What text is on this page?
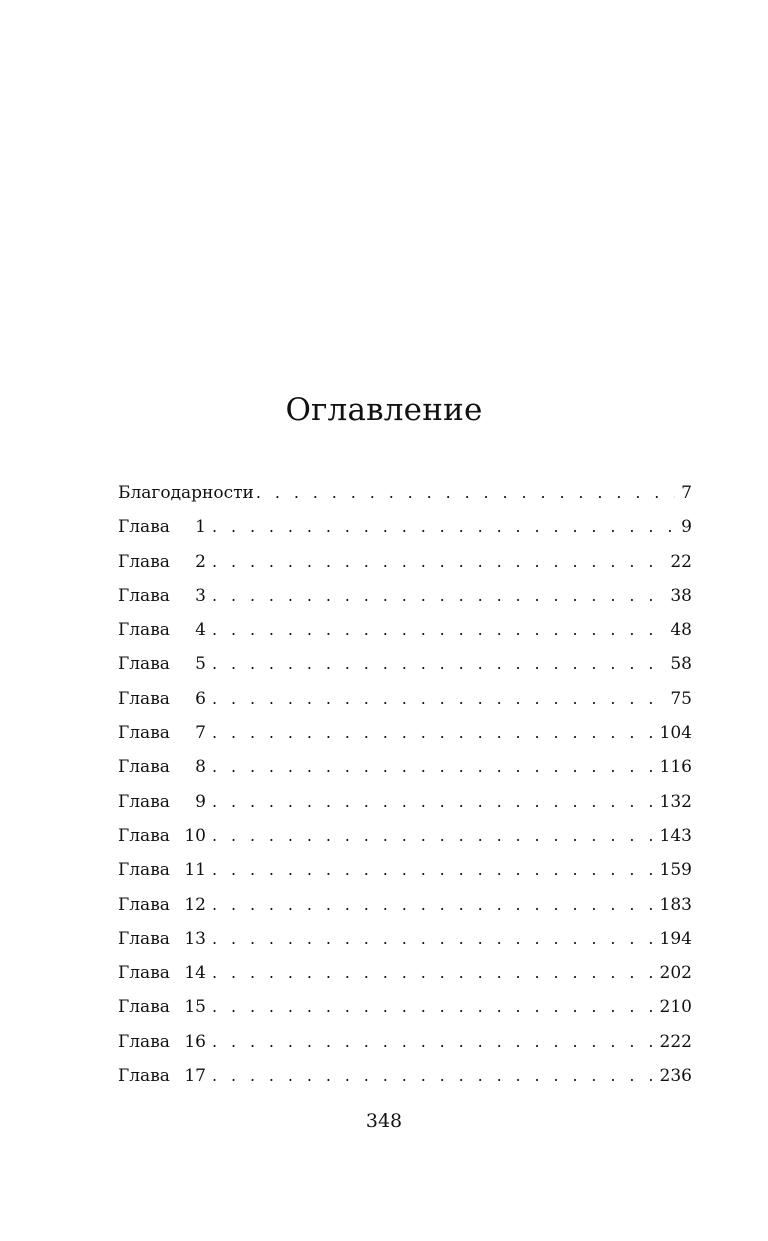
Оглавление
Благодарности . . .	7
Глава	1 . . .	9
Глава	2 . . .	22
Глава	3 . . .	38
Глава	4 . . .	48
Глава	5 . . .	58
Глава	6 . . .	75
Глава	7 . . .	104
Глава	8 . . .	116
Глава	9 . . .	132
Глава 10 . . .	143
Глава 11 . . .	159
Глава 12 . . .	183
Глава 13 . . .	194
Глава 14 . . .	202
Глава 15 . . .	210
Глава 16 . . .	222
Глава 17 . . .	236
348
